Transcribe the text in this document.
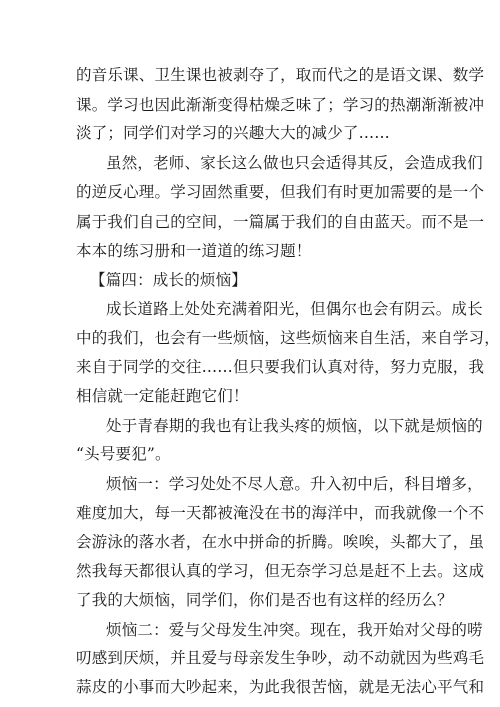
的音乐课、卫生课也被剥夺了，取而代之的是语文课、数学
课。学习也因此渐渐变得枯燥乏味了；学习的热潮渐渐被冲
淡了；同学们对学习的兴趣大大的减少了……
虽然，老师、家长这么做也只会适得其反，会造成我们
的逆反心理。学习固然重要，但我们有时更加需要的是一个
属于我们自己的空间，一篇属于我们的自由蓝天。而不是一
本本的练习册和一道道的练习题！
【篇四：成长的烦恼】
成长道路上处处充满着阳光，但偶尔也会有阴云。成长
中的我们，也会有一些烦恼，这些烦恼来自生活，来自学习，
来自于同学的交往……但只要我们认真对待，努力克服，我
相信就一定能赶跑它们！
处于青春期的我也有让我头疼的烦恼，以下就是烦恼的
“头号要犯”。
烦恼一：学习处处不尽人意。升入初中后，科目增多，
难度加大，每一天都被淹没在书的海洋中，而我就像一个不
会游泳的落水者，在水中拼命的折腾。唉唉，头都大了，虽
然我每天都很认真的学习，但无奈学习总是赶不上去。这成
了我的大烦恼，同学们，你们是否也有这样的经历么？
烦恼二：爱与父母发生冲突。现在，我开始对父母的唠
叨感到厌烦，并且爱与母亲发生争吵，动不动就因为些鸡毛
蒜皮的小事而大吵起来，为此我很苦恼，就是无法心平气和
